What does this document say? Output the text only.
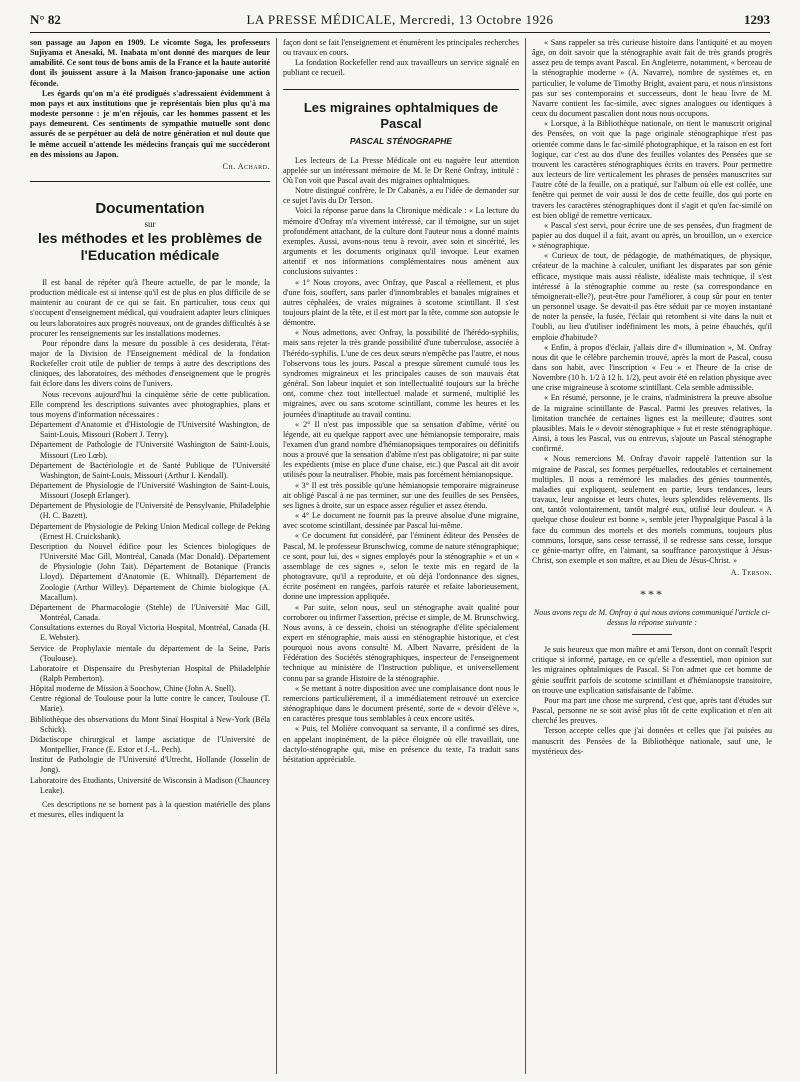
N° 82	LA PRESSE MÉDICALE, Mercredi, 13 Octobre 1926	1293

son passage au Japon en 1909. Le vicomte Soga, les professeurs Sujiyama et Anesaki, M. Inabata m'ont donné des marques de leur amabilité. Ce sont tous de bons amis de la France et la haute autorité dont ils jouissent assure à la Maison franco-japonaise une action féconde.

Les égards qu'on m'a été prodigués s'adressaient évidemment à mon pays et aux institutions que je représentais bien plus qu'à ma modeste personne : je m'en réjouis, car les hommes passent et les pays demeurent. Ces sentiments de sympathie mutuelle sont donc assurés de se perpétuer au delà de notre génération et nul doute que le même accueil n'attende les médecins français qui me succéderont en des missions au Japon.

Ch. Achard.
Documentation
sur
les méthodes et les problèmes de l'Education médicale

Il est banal de répéter qu'à l'heure actuelle, de par le monde, la production médicale est si intense qu'il est de plus en plus difficile de se maintenir au courant de ce qui se fait. En particulier, tous ceux qui s'occupent d'enseignement médical, qui voudraient adapter leurs cliniques ou leurs laboratoires aux progrès nouveaux, ont de grandes difficultés à se procurer les renseignements sur les installations modernes.

Pour répondre dans la mesure du possible à ces desiderata, l'état-major de la Division de l'Enseignement médical de la fondation Rockefeller croit utile de publier de temps à autre des descriptions des cliniques, des laboratoires, des méthodes d'enseignement que le progrès fait éclore dans les divers coins de l'univers.

Nous recevons aujourd'hui la cinquième série de cette publication. Elle comprend les descriptions suivantes avec photographies, plans et tous moyens d'information nécessaires :

Département d'Anatomie et d'Histologie de l'Université Washington, de Saint-Louis, Missouri (Robert J. Terry).

Département de Pathologie de l'Université Washington de Saint-Louis, Missouri (Leo Lœb).

Département de Bactériologie et de Santé Publique de l'Université Washington, de Saint-Louis, Missouri (Arthur I. Kendall).

Département de Physiologie de l'Université Washington de Saint-Louis, Missouri (Joseph Erlanger).

Département de Physiologie de l'Université de Pensylvanie, Philadelphie (H. C. Bazett).

Département de Physiologie de Peking Union Medical college de Peking (Ernest H. Cruickshank).

Description du Nouvel édifice pour les Sciences biologiques de l'Université Mac Gill, Montréal, Canada (Mac Donald). Département de Physiologie (John Tait). Département de Botanique (Francis Lloyd). Département d'Anatomie (E. Whitnall). Département de Zoologie (Arthur Willey). Département de Chimie biologique (A. Macallum).

Département de Pharmacologie (Stehle) de l'Université Mac Gill, Montréal, Canada.

Consultations externes du Royal Victoria Hospital, Montréal, Canada (H. E. Webster).

Service de Prophylaxie mentale du département de la Seine, Paris (Toulouse).

Laboratoire et Dispensaire du Presbyterian Hospital de Philadelphie (Ralph Pemberton).

Hôpital moderne de Mission à Soochow, Chine (John A. Snell).

Centre régional de Toulouse pour la lutte contre le cancer, Toulouse (T. Marie).

Bibliothèque des observations du Mont Sinaï Hospital à New-York (Béla Schick).

Didactiscope chirurgical et lampe asciatique de l'Université de Montpellier, France (E. Estor et J.-L. Pech).

Institut de Pathologie de l'Université d'Utrecht, Hollande (Josselin de Jong).

Laboratoire des Etudiants, Université de Wisconsin à Madison (Chauncey Leake).

Ces descriptions ne se bornent pas à la question matérielle des plans et mesures, elles indiquent la

façon dont se fait l'enseignement et énumèrent les principales recherches ou travaux en cours.

La fondation Rockefeller rend aux travailleurs un service signalé en publiant ce recueil.

Les migraines ophtalmiques de Pascal
PASCAL STÉNOGRAPHE

Les lecteurs de La Presse Médicale ont eu naguère leur attention appelée sur un intéressant mémoire de M. le Dr René Onfray, intitulé : Où l'on voit que Pascal avait des migraines ophtalmiques.

Notre distingué confrère, le Dr Cabanès, a eu l'idée de demander sur ce sujet l'avis du Dr Terson.

Voici la réponse parue dans la Chronique médicale : « La lecture du mémoire d'Onfray m'a vivement intéressé, car il témoigne, sur un sujet profondément attachant, de la culture dont l'auteur nous a donné maints exemples. Aussi, avons-nous tenu à revoir, avec soin et sincérité, les arguments et les documents originaux qu'il invoque. Leur examen attentif et nos informations complémentaires nous amènent aux conclusions suivantes :

« 1° Nous croyons, avec Onfray, que Pascal a réellement, et plus d'une fois, souffert, sans parler d'innombrables et banales migraines et autres céphalées, de vraies migraines à scotome scintillant. Il s'est toujours plaint de la tête, et il est mort par la tête, comme son autopsie le démontre.

« Nous admettons, avec Onfray, la possibilité de l'hérédo-syphilis, mais sans rejeter la très grande possibilité d'une tuberculose, associée à l'hérédo-syphilis. L'une de ces deux sœurs n'empêche pas l'autre, et nous l'observons tous les jours. Pascal a presque sûrement cumulé tous les syndromes migraineux et les principales causes de son mauvais état général. Son labeur inquiet et son intellectualité toujours sur la brèche ont, comme chez tout intellectuel malade et surmené, multiplié les migraines, avec ou sans scotome scintillant, comme les heures et les journées d'inaptitude au travail continu.

« 2° Il n'est pas impossible que sa sensation d'abîme, vérité ou légende, ait eu quelque rapport avec une hémianopsie temporaire, mais l'examen d'un grand nombre d'hémianopsiques temporaires ou définitifs nous a prouvé que la sensation d'abîme n'est pas obligatoire; ni par suite les expédients (mise en place d'une chaise, etc.) que Pascal ait dit avoir utilisés pour la neutraliser. Phobie, mais pas forcément hémianopsique.

« 3° Il est très possible qu'une hémianopsie temporaire migraineuse ait obligé Pascal à ne pas terminer, sur une des feuilles de ses Pensées, ses lignes à droite, sur un espace assez régulier et assez étendu.

« 4° Le document ne fournit pas la preuve absolue d'une migraine, avec scotome scintillant, dessinée par Pascal lui-même.

« Ce document fut considéré, par l'éminent éditeur des Pensées de Pascal, M. le professeur Brunschwicg, comme de nature sténographique; ce sont, pour lui, des « signes employés pour la sténographie » et un « assemblage de ces signes », selon le texte mis en regard de la photogravure, qu'il a reproduite, et où déjà l'ordonnance des signes, écrite posément en rangées, parfois raturée et refaite laborieusement, donne une impression appliquée.

« Par suite, selon nous, seul un sténographe avait qualité pour corroborer ou infirmer l'assertion, précise et simple, de M. Brunschwicg. Nous avons, à ce dessein, choisi un sténographe d'élite spécialement expert en sténographie, mais aussi en sténographie historique, et c'est pourquoi nous avons consulté M. Albert Navarre, président de la Fédération des Sociétés sténographiques, inspecteur de l'enseignement technique au ministère de l'Instruction publique, et universellement connu par sa grande Histoire de la sténographie.

« Se mettant à notre disposition avec une complaisance dont nous le remercions particulièrement, il a immédiatement retrouvé un exercice sténographique dans le document présenté, sorte de « devoir d'élève », en caractères presque tous semblables à ceux encore usités.

« Puis, tel Molière convoquant sa servante, il a confirmé ses dires, en appelant inopinément, de la pièce éloignée où elle travaillait, une dactylo-sténographe qui, mise en présence du texte, l'a traduit sans hésitation appréciable.

« Sans rappeler sa très curieuse histoire dans l'antiquité et au moyen âge, on doit savoir que la sténographie avait fait de très grands progrès assez peu de temps avant Pascal. En Angleterre, notamment, « berceau de la sténographie moderne » (A. Navarre), nombre de systèmes et, en particulier, le volume de Timothy Bright, avaient paru, et nous n'insistons pas sur ses contemporains et successeurs, dont le beau livre de M. Navarre contient les fac-simile, avec signes analogues ou identiques à ceux du document pascalien dont nous nous occupons.

« Lorsque, à la Bibliothèque nationale, on tient le manuscrit original des Pensées, on voit que la page originale sténographique n'est pas orientée comme dans le fac-similé photographique, et la raison en est fort logique, car c'est au dos d'une des feuilles volantes des Pensées que se trouvent les caractères sténographiques écrits en travers. Pour permettre aux lecteurs de lire verticalement les phrases de pensées manuscrites sur l'autre côté de la feuille, on a pratiqué, sur l'album où elle est collée, une fenêtre qui permet de voir aussi le dos de cette feuille, dos qui porte en travers les caractères sténographiques dont il s'agit et qu'en fac-similé on est bien obligé de remettre verticaux.

« Pascal s'est servi, pour écrire une de ses pensées, d'un fragment de papier au dos duquel il a fait, avant ou après, un brouillon, un « exercice » sténographique.

« Curieux de tout, de pédagogie, de mathématiques, de physique, créateur de la machine à calculer, unifiant les disparates par son génie efficace, mystique mais aussi réaliste, idéaliste mais technique, il s'est intéressé à la sténographie comme au reste (sa correspondance en témoignerait-elle?), peut-être pour l'améliorer, à coup sûr pour en tenter un personnel usage. Se devait-il pas être séduit par ce moyen instantané de noter la pensée, la fusée, l'éclair qui retombent si vite dans la nuit et l'oubli, au lieu d'utiliser indéfiniment les mots, à peine ébauchés, qu'il emploie d'habitude?

« Enfin, à propos d'éclair, j'allais dire d'« illumination », M. Onfray nous dit que le célèbre parchemin trouvé, après la mort de Pascal, cousu dans son habit, avec l'inscription « Feu » et l'heure de la crise de Novembre (10 h. 1/2 à 12 h. 1/2), peut avoir été en relation physique avec une crise migraineuse à scotome scintillant. Cela semble admissible.

« En résumé, personne, je le crains, n'administrera la preuve absolue de la migraine scintillante de Pascal. Parmi les preuves relatives, la limitation tranchée de certaines lignes est la meilleure; d'autres sont plausibles. Mais le « devoir sténographique » fut et reste sténographique. Ainsi, à tous les Pascal, vus ou entrevus, s'ajoute un Pascal sténographe confirmé.

« Nous remercions M. Onfray d'avoir rappelé l'attention sur la migraine de Pascal, ses formes perpétuelles, redoutables et certainement multiples. Il nous a remémoré les maladies des génies tourmentés, maladies qui expliquent, seulement en partie, leurs tendances, leurs travaux, leur angoisse et leurs chutes, leurs splendides relèvements. Ils ont, tantôt volontairement, tantôt malgré eux, utilisé leur douleur. « A quelque chose douleur est bonne », semble jeter l'hypnalgique Pascal à la face du commun des mortels et des mortels communs, toujours plus communs, lorsque, sans cesse terrassé, il se redresse sans cesse, lorsque ce génie-martyr offre, en l'aimant, sa souffrance paroxystique à Jésus-Christ, son exemple et son maître, et au Dieu de Jésus-Christ. »

A. Terson.
***
Nous avons reçu de M. Onfray à qui nous avions communiqué l'article ci-dessus la réponse suivante :

Je suis heureux que mon maître et ami Terson, dont on connaît l'esprit critique si informé, partage, en ce qu'elle a d'essentiel, mon opinion sur les migraines ophtalmiques de Pascal. Si l'on admet que cet homme de génie souffrit parfois de scotome scintillant et d'hémianopsie transitoire, on trouve une explication satisfaisante de l'abîme.

Pour ma part une chose me surprend, c'est que, après tant d'études sur Pascal, personne ne se soit avisé plus tôt de cette explication et n'en ait cherché les preuves.

Terson accepte celles que j'ai données et celles que j'ai puisées au manuscrit des Pensées de la Bibliothèque nationale, sauf une, le mystérieux des-
